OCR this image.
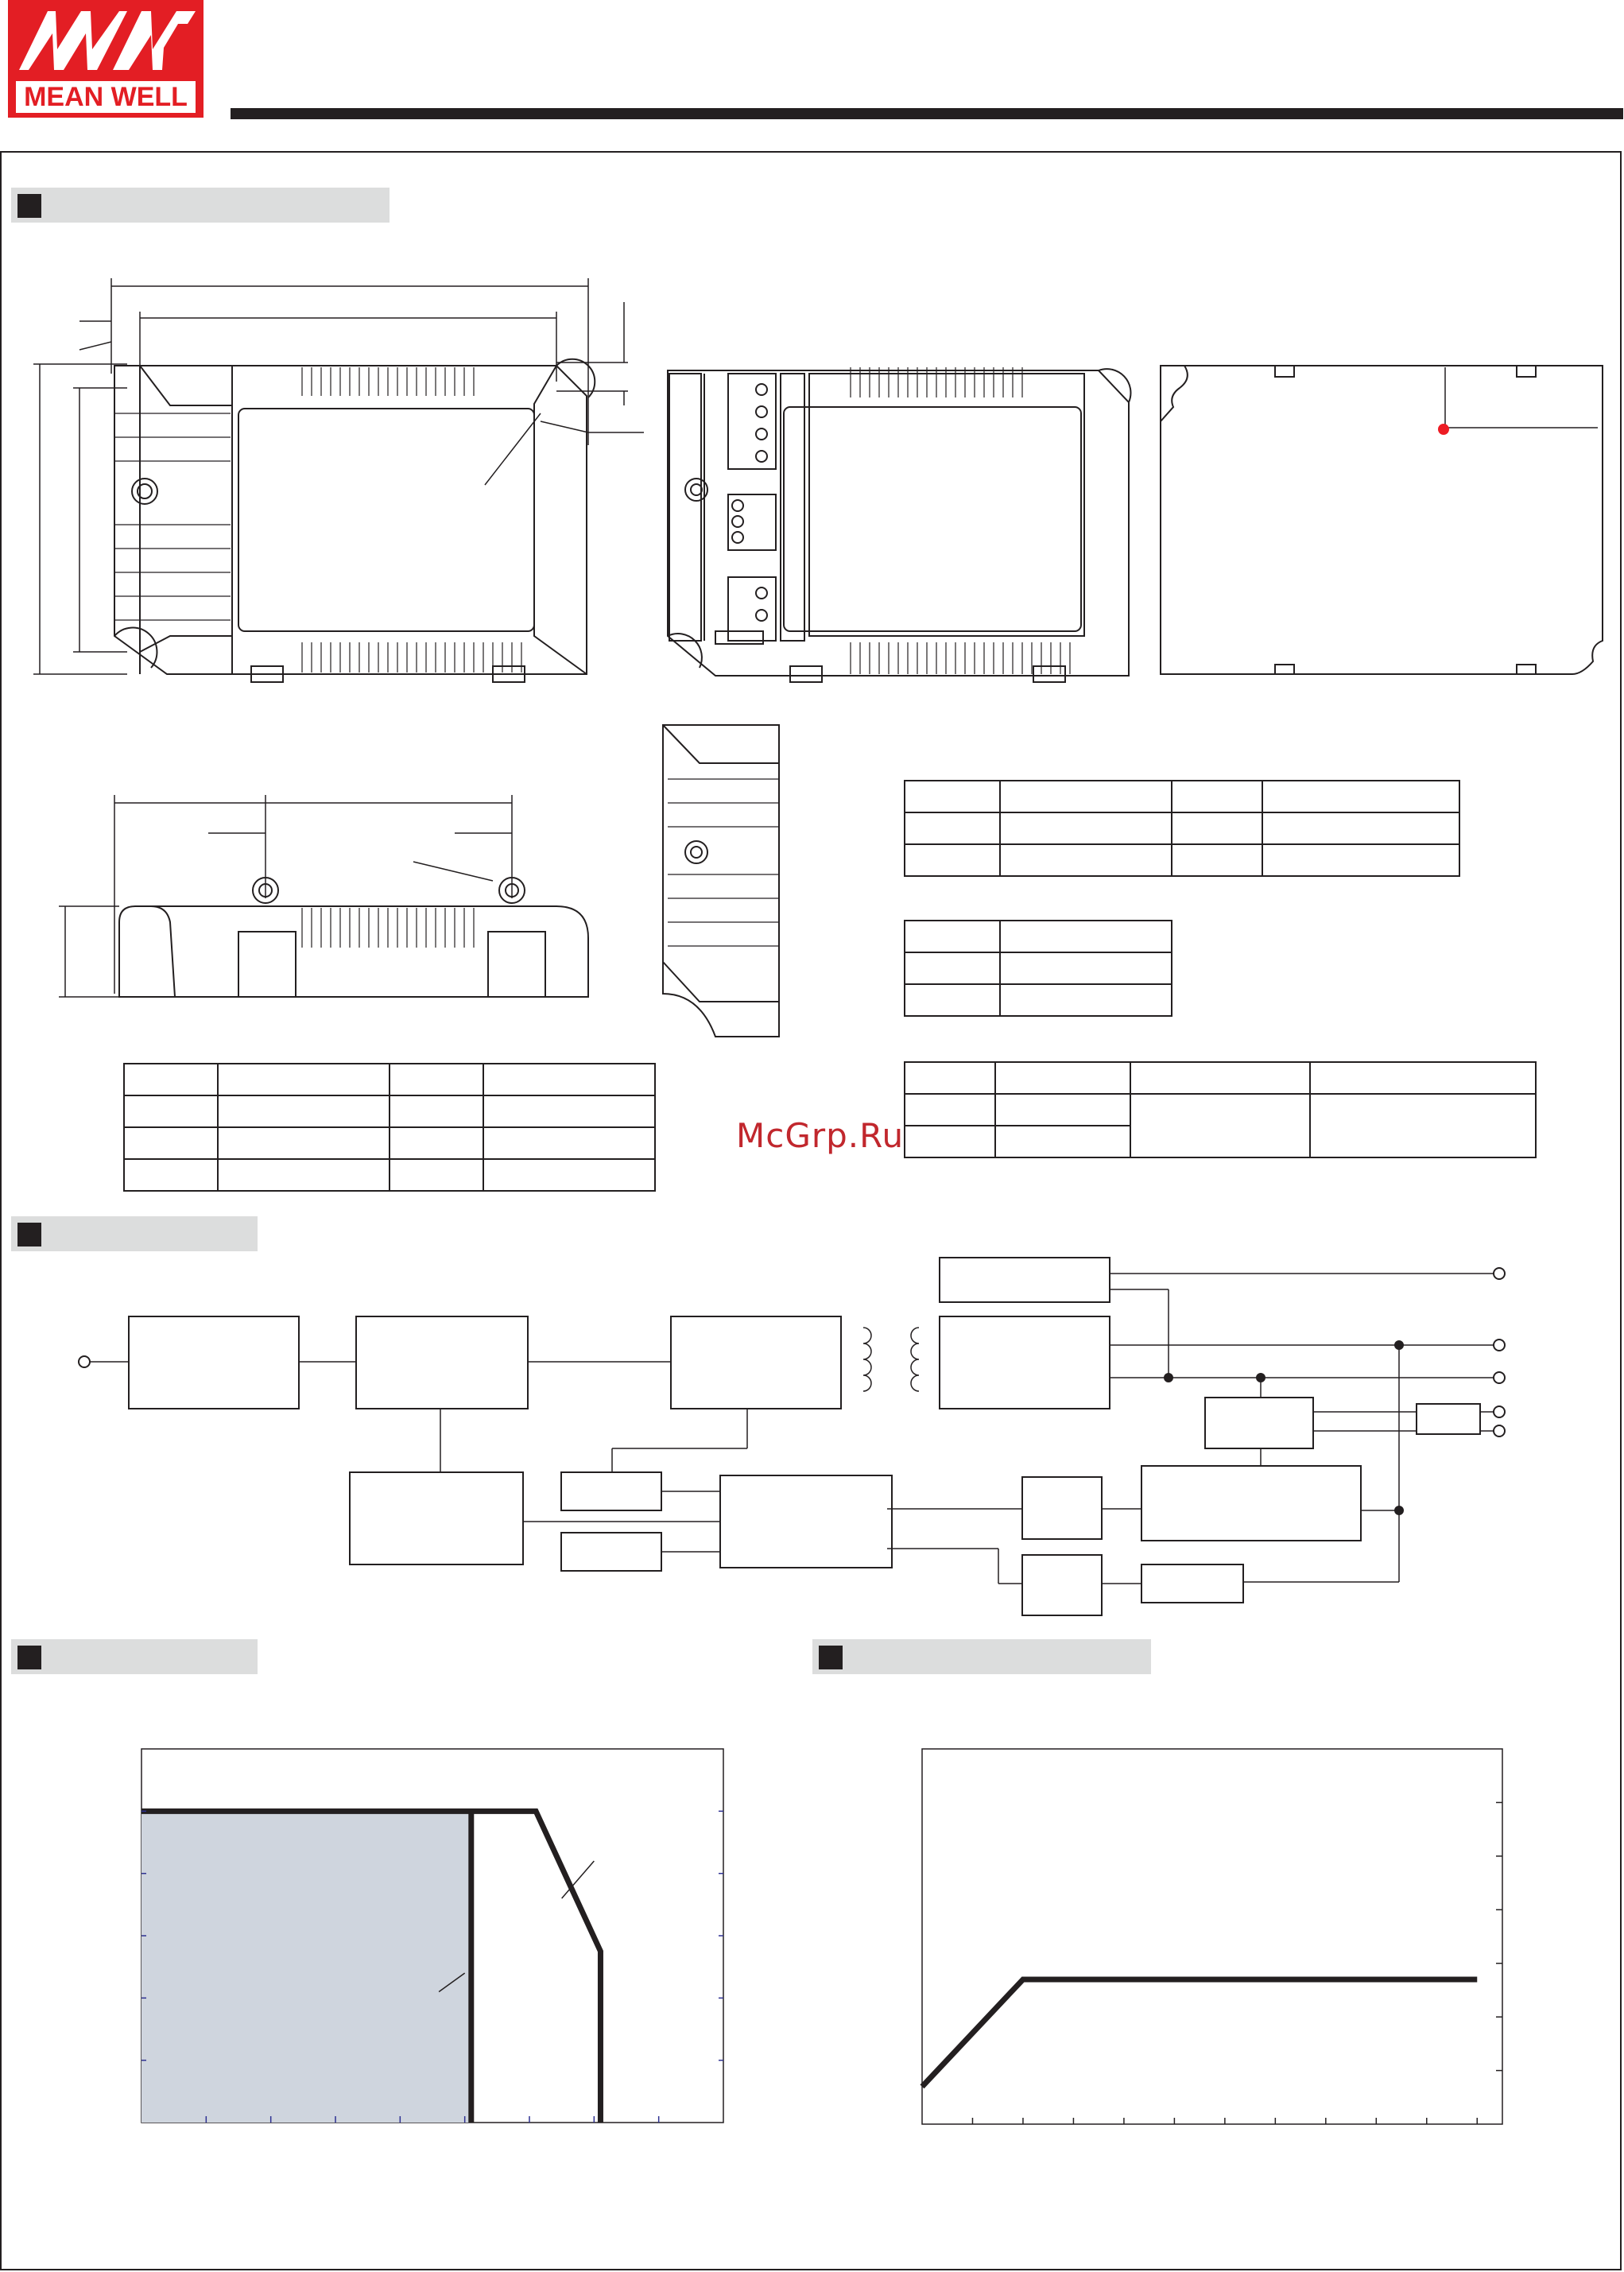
MEAN WELL
McGrp.Ru
